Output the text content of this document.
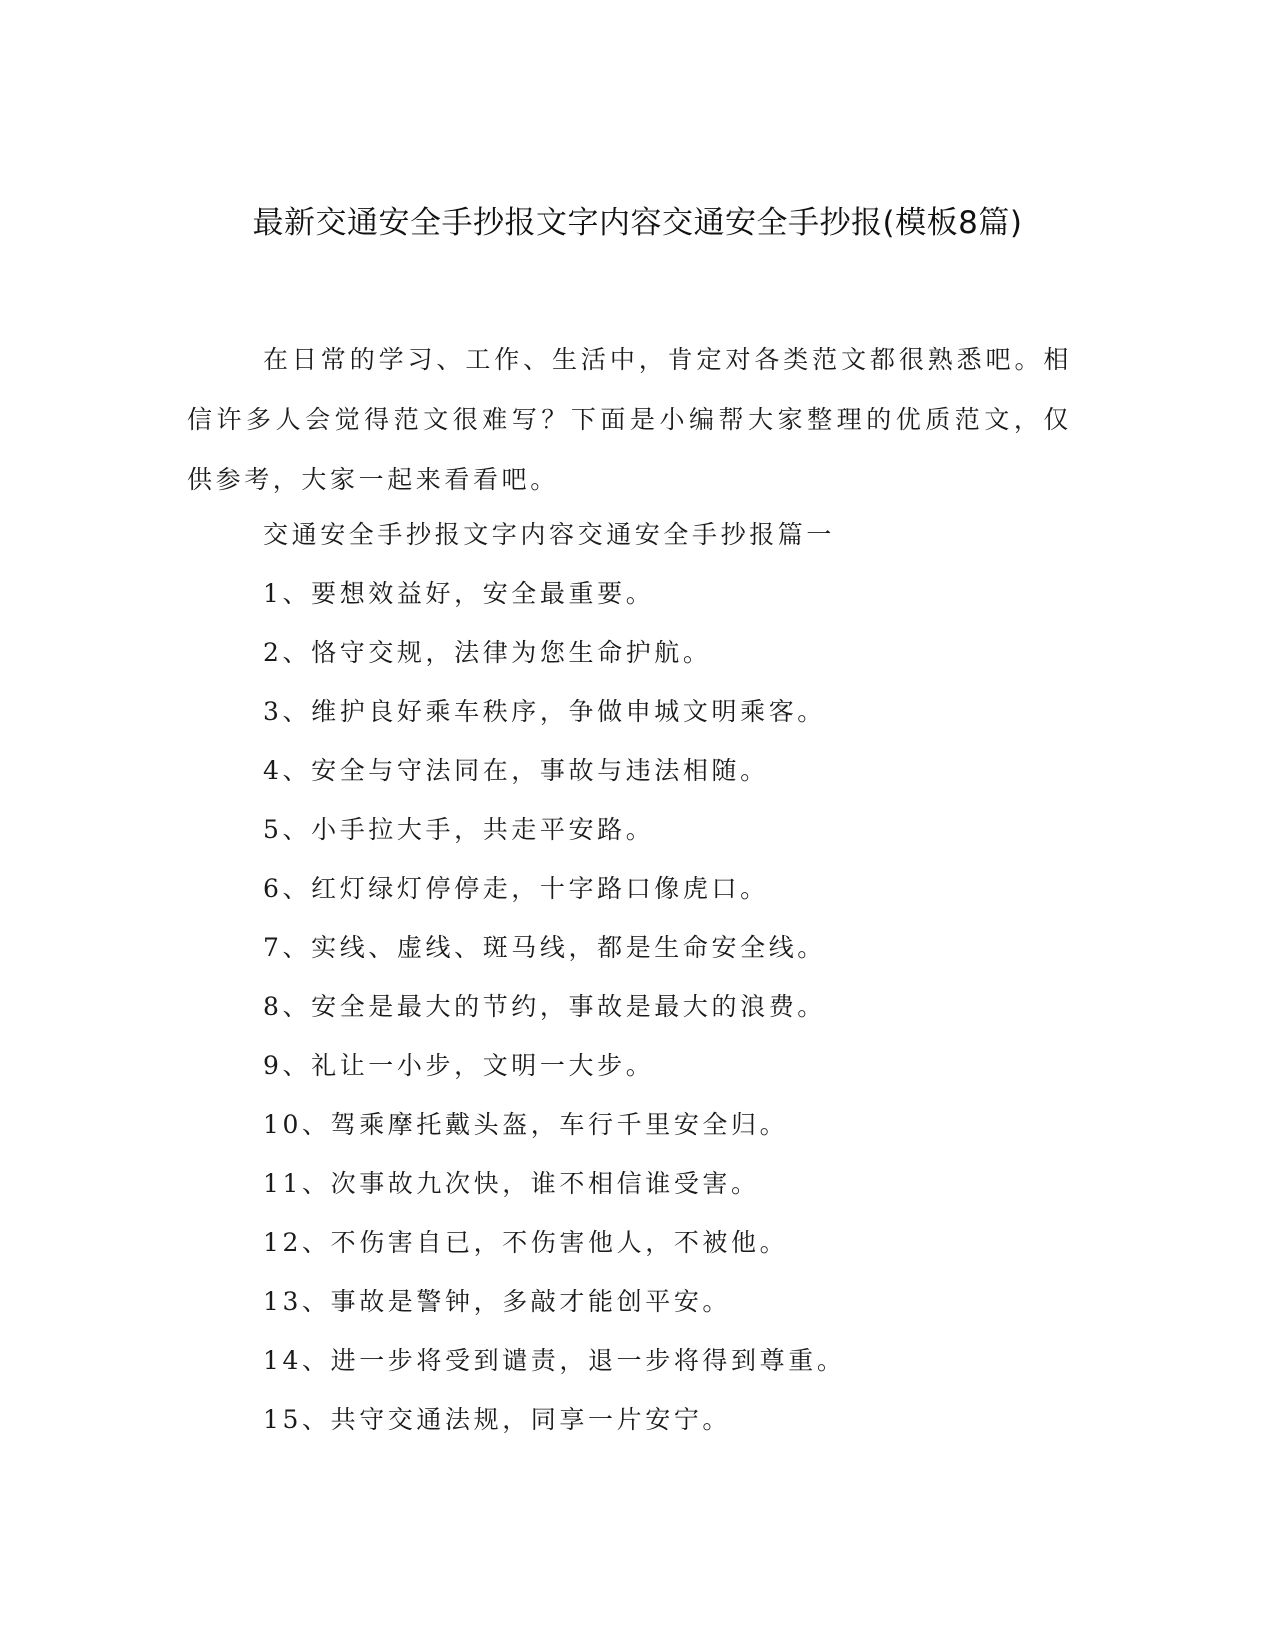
最新交通安全手抄报文字内容交通安全手抄报(模板8篇)

在日常的学习、工作、生活中，肯定对各类范文都很熟悉吧。相信许多人会觉得范文很难写？下面是小编帮大家整理的优质范文，仅供参考，大家一起来看看吧。

交通安全手抄报文字内容交通安全手抄报篇一

1、要想效益好，安全最重要。

2、恪守交规，法律为您生命护航。

3、维护良好乘车秩序，争做申城文明乘客。

4、安全与守法同在，事故与违法相随。

5、小手拉大手，共走平安路。

6、红灯绿灯停停走，十字路口像虎口。

7、实线、虚线、斑马线，都是生命安全线。

8、安全是最大的节约，事故是最大的浪费。

9、礼让一小步，文明一大步。

10、驾乘摩托戴头盔，车行千里安全归。

11、次事故九次快，谁不相信谁受害。

12、不伤害自已，不伤害他人，不被他。

13、事故是警钟，多敲才能创平安。

14、进一步将受到谴责，退一步将得到尊重。

15、共守交通法规，同享一片安宁。
